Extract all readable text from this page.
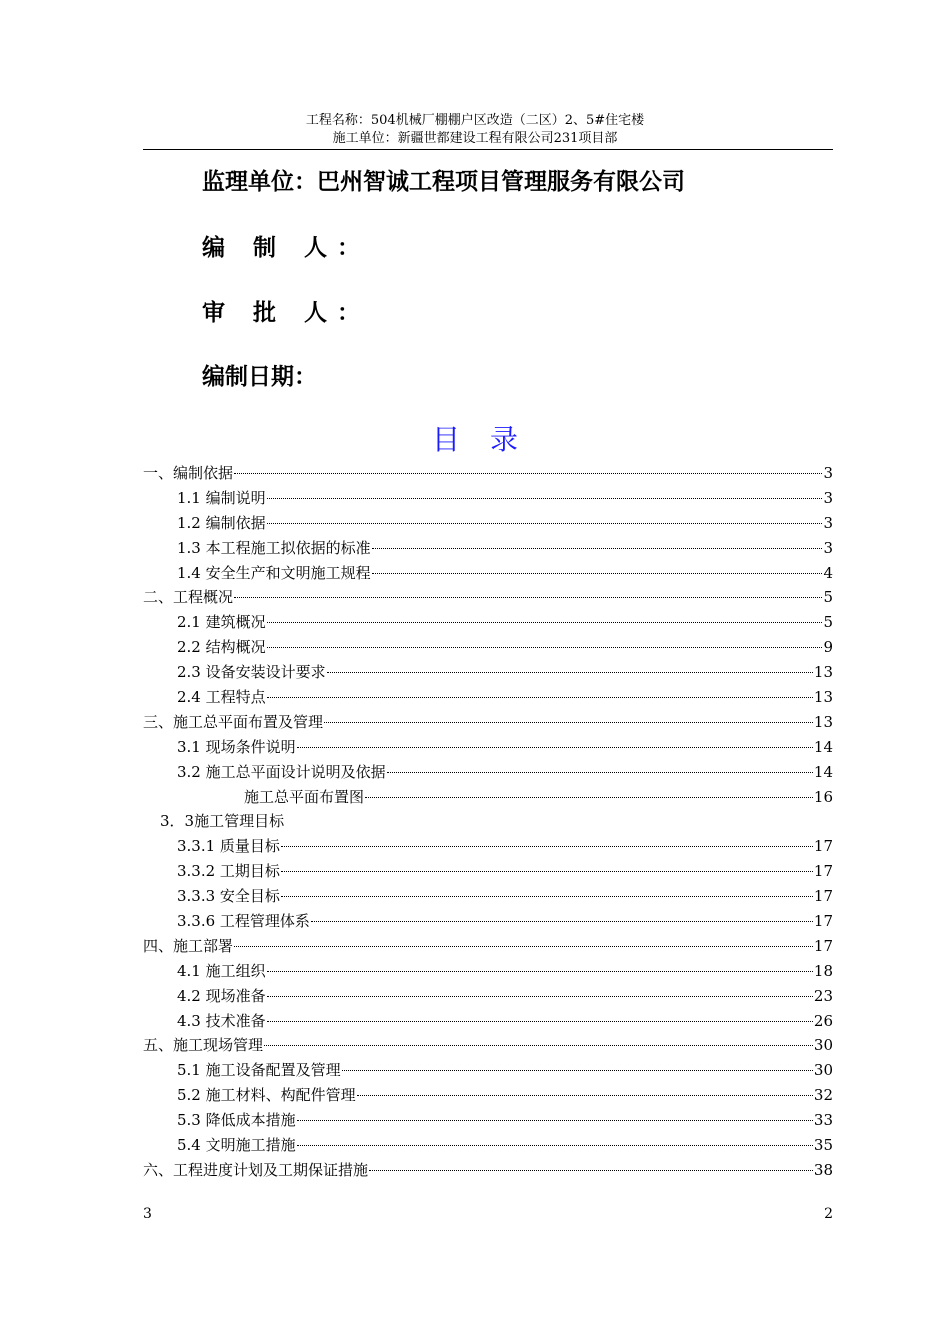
工程名称：504机械厂棚棚户区改造（二区）2、5#住宅楼
施工单位：新疆世都建设工程有限公司231项目部
监理单位：巴州智诚工程项目管理服务有限公司
编 制 人：
审 批 人：
编制日期：
目录
一、编制依据	3
1.1 编制说明	3
1.2 编制依据	3
1.3 本工程施工拟依据的标准	3
1.4 安全生产和文明施工规程	4
二、工程概况	5
2.1 建筑概况	5
2.2 结构概况	9
2.3 设备安装设计要求	13
2.4 工程特点	13
三、施工总平面布置及管理	13
3.1 现场条件说明	14
3.2 施工总平面设计说明及依据	14
施工总平面布置图	16
3．3施工管理目标
3.3.1 质量目标	17
3.3.2 工期目标	17
3.3.3 安全目标	17
3.3.6 工程管理体系	17
四、施工部署	17
4.1 施工组织	18
4.2 现场准备	23
4.3 技术准备	26
五、施工现场管理	30
5.1 施工设备配置及管理	30
5.2 施工材料、构配件管理	32
5.3 降低成本措施	33
5.4 文明施工措施	35
六、工程进度计划及工期保证措施	38
3	2
